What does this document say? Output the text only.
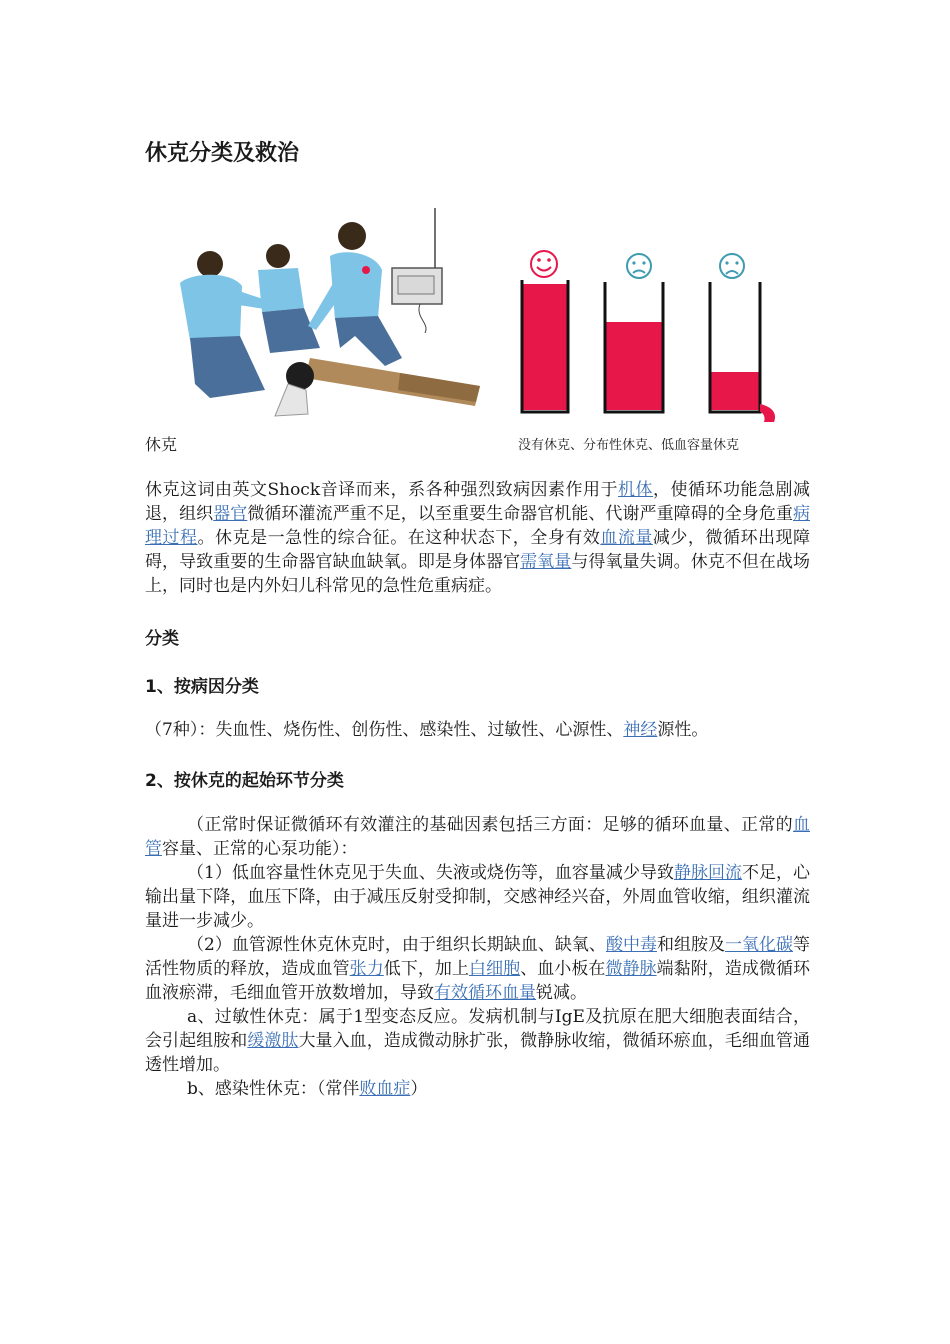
休克分类及救治

休克	没有休克、分布性休克、低血容量休克

休克这词由英文Shock音译而来，系各种强烈致病因素作用于机体，使循环功能急剧减退，组织器官微循环灌流严重不足，以至重要生命器官机能、代谢严重障碍的全身危重病理过程。休克是一急性的综合征。在这种状态下，全身有效血流量减少，微循环出现障碍，导致重要的生命器官缺血缺氧。即是身体器官需氧量与得氧量失调。休克不但在战场上，同时也是内外妇儿科常见的急性危重病症。

分类
1、按病因分类

（7种）：失血性、烧伤性、创伤性、感染性、过敏性、心源性、神经源性。

2、按休克的起始环节分类

（正常时保证微循环有效灌注的基础因素包括三方面：足够的循环血量、正常的血管容量、正常的心泵功能）：

（1）低血容量性休克见于失血、失液或烧伤等，血容量减少导致静脉回流不足，心输出量下降，血压下降，由于减压反射受抑制，交感神经兴奋，外周血管收缩，组织灌流量进一步减少。

（2）血管源性休克休克时，由于组织长期缺血、缺氧、酸中毒和组胺及一氧化碳等活性物质的释放，造成血管张力低下，加上白细胞、血小板在微静脉端黏附，造成微循环血液瘀滞，毛细血管开放数增加，导致有效循环血量锐减。

a、过敏性休克：属于1型变态反应。发病机制与IgE及抗原在肥大细胞表面结合，会引起组胺和缓激肽大量入血，造成微动脉扩张，微静脉收缩，微循环瘀血，毛细血管通透性增加。

b、感染性休克：（常伴败血症）
